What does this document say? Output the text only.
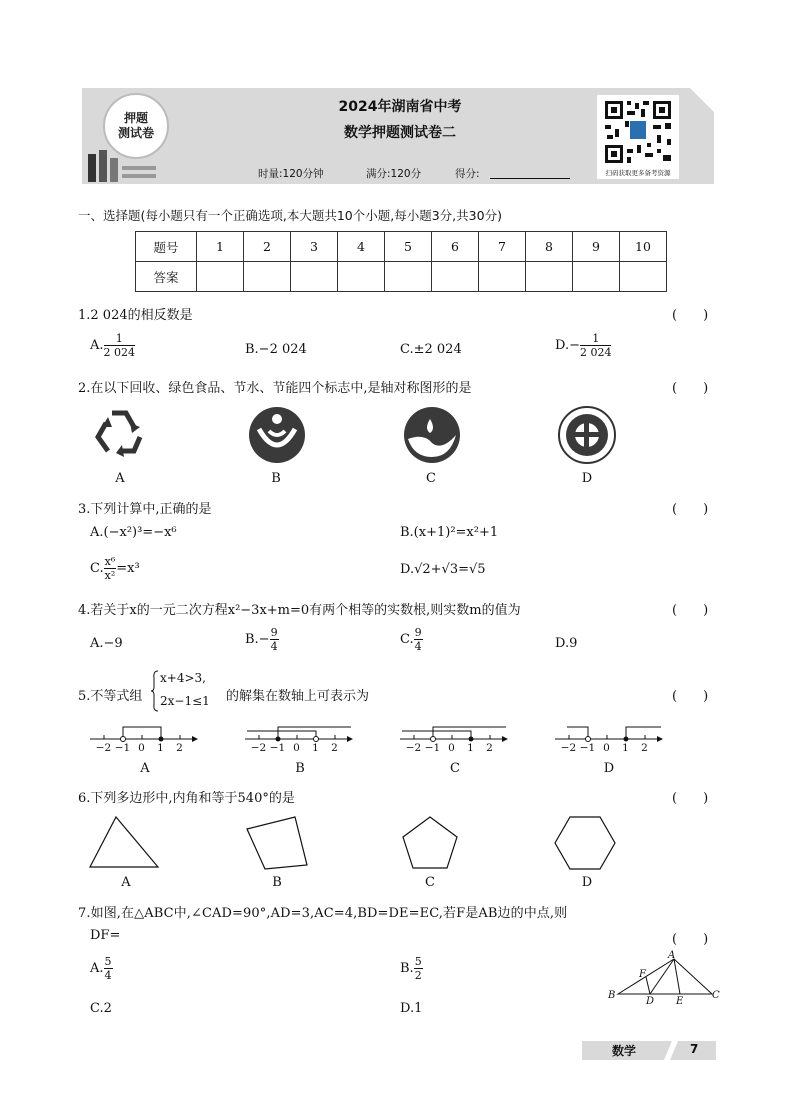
押题
测试卷
2024年湖南省中考
数学押题测试卷二
时量:120分钟	满分:120分	得分:	扫码获取更多备考资源
一、选择题(每小题只有一个正确选项,本大题共10个小题,每小题3分,共30分)
题号	1	2	3	4	5	6	7	8	9	10
答案										
1.2 024的相反数是	(　　)
A. $\frac{1}{2 024}$	B.−2 024	C.±2 024	$D.- \frac{1}{2 024}$
2.在以下回收、绿色食品、节水、节能四个标志中,是轴对称图形的是	(　　)
A	B	C	D
3.下列计算中,正确的是	(　　)
A.(−x²)³=−x⁶	B.(x+1)²=x²+1
C. $\frac{\text{x⁶}}{\text{x²}} =x^3$	D.√2+√3=√5
4.若关于x的一元二次方程x²−3x+m=0有两个相等的实数根,则实数m的值为	(　　)
A.−9	$B.- \frac{9}{4}$	C. $\frac{9}{4}$	D.9
5.不等式组
x+4>3,
2x−1≤1 的解集在数轴上可表示为	(　　)
−2 −1 0 1 2	−2 −1 0 1 2	−2 −1 0 1 2	−2 −1 0 1 2
A	B	C	D
6.下列多边形中,内角和等于540°的是	(　　)
A	B	C	D
7.如图,在△ABC中,∠CAD=90°,AD=3,AC=4,BD=DE=EC,若F是AB边的中点,则
DF=	(　　)
A. $\frac{5}{4}$	B. $\frac{5}{2}$
C.2	D.1
A
F
B
D E
C
数学	7
